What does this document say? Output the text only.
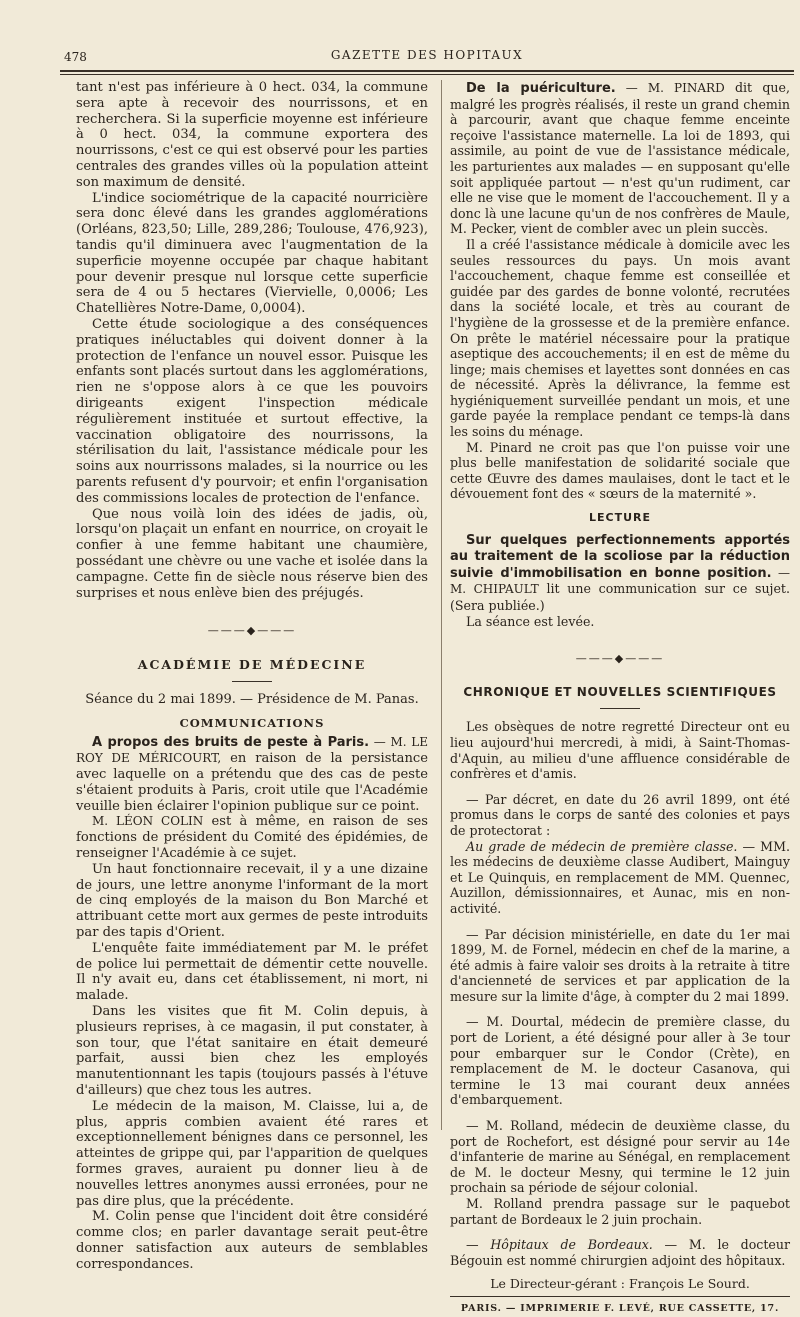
478	GAZETTE DES HOPITAUX

tant n'est pas inférieure à 0 hect. 034, la commune sera apte à recevoir des nourrissons, et en recherchera. Si la superficie moyenne est inférieure à 0 hect. 034, la commune exportera des nourrissons, c'est ce qui est observé pour les parties centrales des grandes villes où la population atteint son maximum de densité.

L'indice sociométrique de la capacité nourricière sera donc élevé dans les grandes agglomérations (Orléans, 823,50; Lille, 289,286; Toulouse, 476,923), tandis qu'il diminuera avec l'augmentation de la superficie moyenne occupée par chaque habitant pour devenir presque nul lorsque cette superficie sera de 4 ou 5 hectares (Viervielle, 0,0006; Les Chatellières Notre-Dame, 0,0004).

Cette étude sociologique a des conséquences pratiques inéluctables qui doivent donner à la protection de l'enfance un nouvel essor. Puisque les enfants sont placés surtout dans les agglomérations, rien ne s'oppose alors à ce que les pouvoirs dirigeants exigent l'inspection médicale régulièrement instituée et surtout effective, la vaccination obligatoire des nourrissons, la stérilisation du lait, l'assistance médicale pour les soins aux nourrissons malades, si la nourrice ou les parents refusent d'y pourvoir; et enfin l'organisation des commissions locales de protection de l'enfance.

Que nous voilà loin des idées de jadis, où, lorsqu'on plaçait un enfant en nourrice, on croyait le confier à une femme habitant une chaumière, possédant une chèvre ou une vache et isolée dans la campagne. Cette fin de siècle nous réserve bien des surprises et nous enlève bien des préjugés.

———◆———
ACADÉMIE DE MÉDECINE
Séance du 2 mai 1899. — Présidence de M. Panas.
COMMUNICATIONS

A propos des bruits de peste à Paris. — M. LE ROY DE MÉRICOURT, en raison de la persistance avec laquelle on a prétendu que des cas de peste s'étaient produits à Paris, croit utile que l'Académie veuille bien éclairer l'opinion publique sur ce point.

M. LÉON COLIN est à même, en raison de ses fonctions de président du Comité des épidémies, de renseigner l'Académie à ce sujet.

Un haut fonctionnaire recevait, il y a une dizaine de jours, une lettre anonyme l'informant de la mort de cinq employés de la maison du Bon Marché et attribuant cette mort aux germes de peste introduits par des tapis d'Orient.

L'enquête faite immédiatement par M. le préfet de police lui permettait de démentir cette nouvelle. Il n'y avait eu, dans cet établissement, ni mort, ni malade.

Dans les visites que fit M. Colin depuis, à plusieurs reprises, à ce magasin, il put constater, à son tour, que l'état sanitaire en était demeuré parfait, aussi bien chez les employés manutentionnant les tapis (toujours passés à l'étuve d'ailleurs) que chez tous les autres.

Le médecin de la maison, M. Claisse, lui a, de plus, appris combien avaient été rares et exceptionnellement bénignes dans ce personnel, les atteintes de grippe qui, par l'apparition de quelques formes graves, auraient pu donner lieu à de nouvelles lettres anonymes aussi erronées, pour ne pas dire plus, que la précédente.

M. Colin pense que l'incident doit être considéré comme clos; en parler davantage serait peut-être donner satisfaction aux auteurs de semblables correspondances.

De la puériculture. — M. PINARD dit que, malgré les progrès réalisés, il reste un grand chemin à parcourir, avant que chaque femme enceinte reçoive l'assistance maternelle. La loi de 1893, qui assimile, au point de vue de l'assistance médicale, les parturientes aux malades — en supposant qu'elle soit appliquée partout — n'est qu'un rudiment, car elle ne vise que le moment de l'accouchement. Il y a donc là une lacune qu'un de nos confrères de Maule, M. Pecker, vient de combler avec un plein succès.

Il a créé l'assistance médicale à domicile avec les seules ressources du pays. Un mois avant l'accouchement, chaque femme est conseillée et guidée par des gardes de bonne volonté, recrutées dans la société locale, et très au courant de l'hygiène de la grossesse et de la première enfance. On prête le matériel nécessaire pour la pratique aseptique des accouchements; il en est de même du linge; mais chemises et layettes sont données en cas de nécessité. Après la délivrance, la femme est hygiéniquement surveillée pendant un mois, et une garde payée la remplace pendant ce temps-là dans les soins du ménage.

M. Pinard ne croit pas que l'on puisse voir une plus belle manifestation de solidarité sociale que cette Œuvre des dames maulaises, dont le tact et le dévouement font des « sœurs de la maternité ».

LECTURE

Sur quelques perfectionnements apportés au traitement de la scoliose par la réduction suivie d'immobilisation en bonne position. — M. CHIPAULT lit une communication sur ce sujet. (Sera publiée.)

La séance est levée.

———◆———
CHRONIQUE ET NOUVELLES SCIENTIFIQUES

Les obsèques de notre regretté Directeur ont eu lieu aujourd'hui mercredi, à midi, à Saint-Thomas-d'Aquin, au milieu d'une affluence considérable de confrères et d'amis.

— Par décret, en date du 26 avril 1899, ont été promus dans le corps de santé des colonies et pays de protectorat :

Au grade de médecin de première classe. — MM. les médecins de deuxième classe Audibert, Mainguy et Le Quinquis, en remplacement de MM. Quennec, Auzillon, démissionnaires, et Aunac, mis en non-activité.

— Par décision ministérielle, en date du 1er mai 1899, M. de Fornel, médecin en chef de la marine, a été admis à faire valoir ses droits à la retraite à titre d'ancienneté de services et par application de la mesure sur la limite d'âge, à compter du 2 mai 1899.

— M. Dourtal, médecin de première classe, du port de Lorient, a été désigné pour aller à 3e tour pour embarquer sur le Condor (Crète), en remplacement de M. le docteur Casanova, qui termine le 13 mai courant deux années d'embarquement.

— M. Rolland, médecin de deuxième classe, du port de Rochefort, est désigné pour servir au 14e d'infanterie de marine au Sénégal, en remplacement de M. le docteur Mesny, qui termine le 12 juin prochain sa période de séjour colonial.

M. Rolland prendra passage sur le paquebot partant de Bordeaux le 2 juin prochain.

— Hôpitaux de Bordeaux. — M. le docteur Bégouin est nommé chirurgien adjoint des hôpitaux.

Le Directeur-gérant : François Le Sourd.
PARIS. — IMPRIMERIE F. LEVÉ, RUE CASSETTE, 17.
